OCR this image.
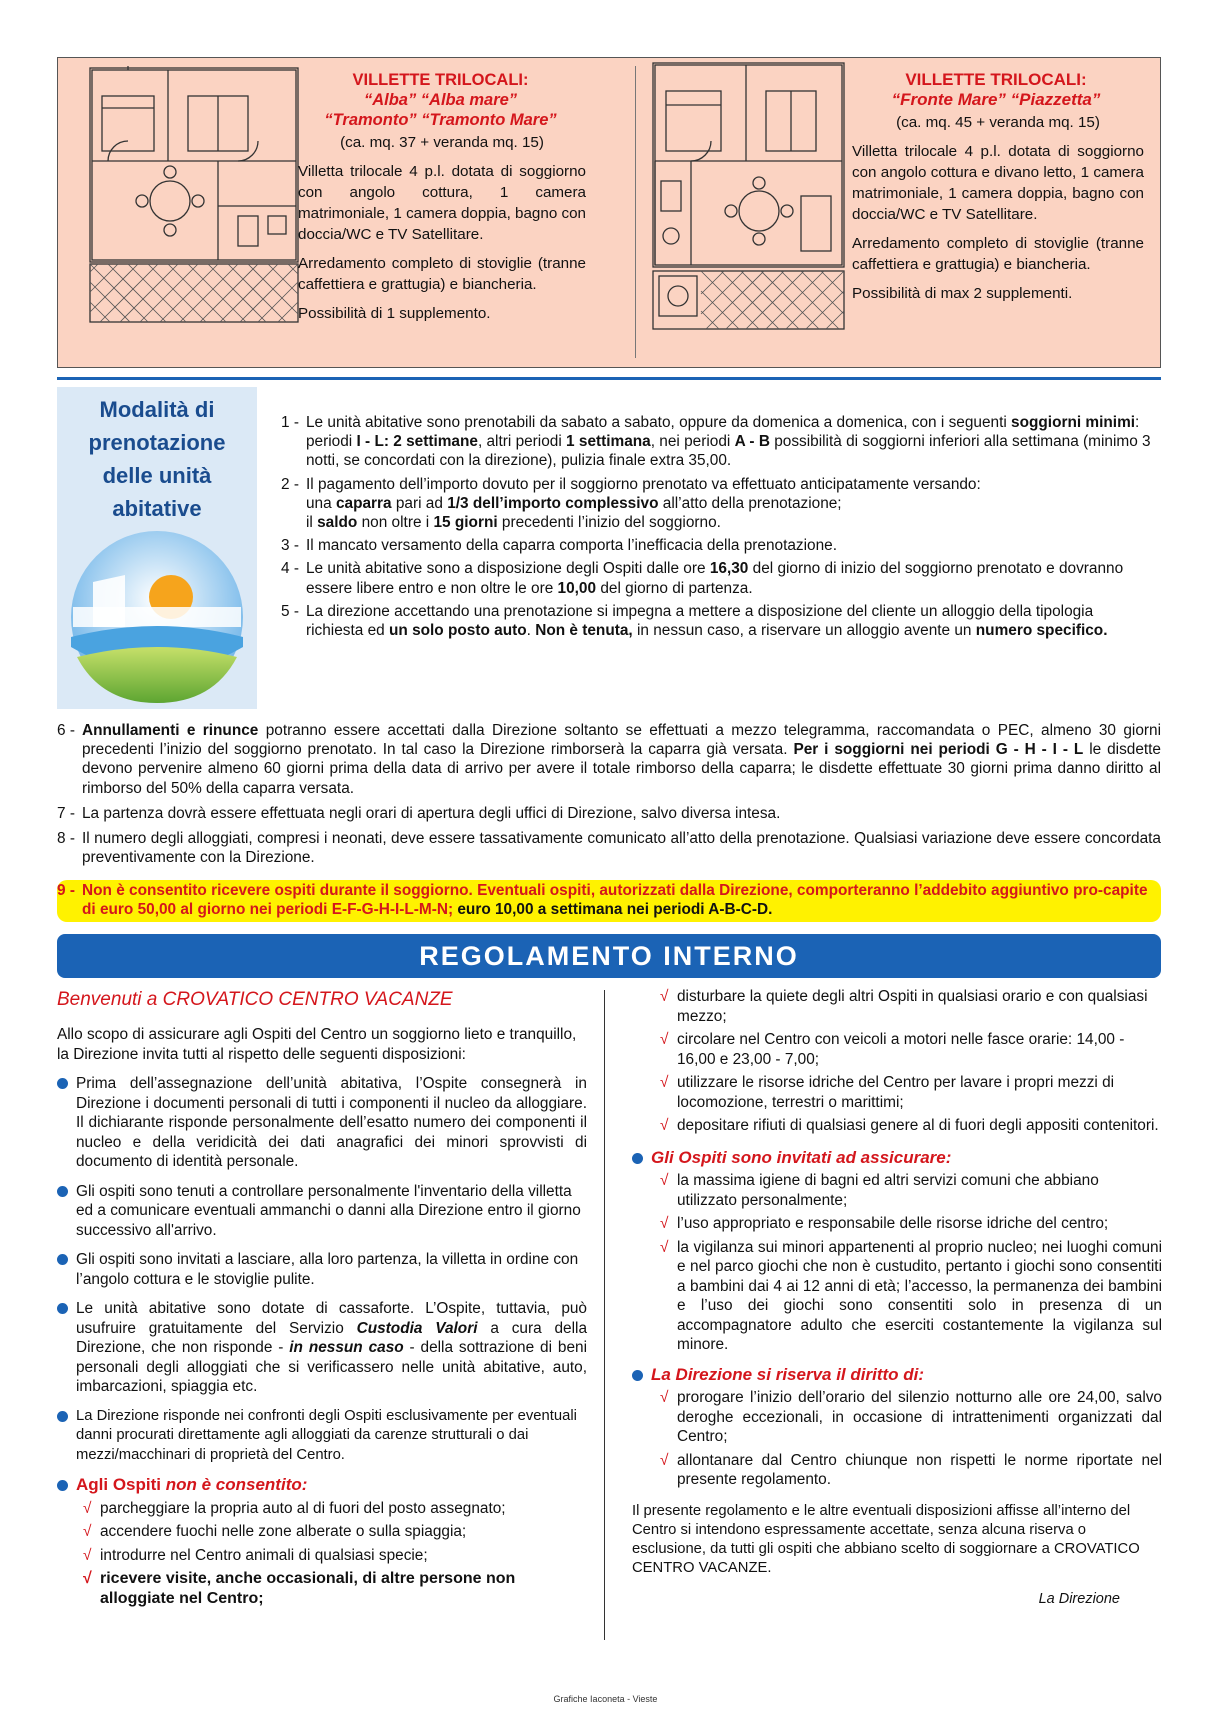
VILLETTE TRILOCALI:
“Alba” “Alba mare”
“Tramonto” “Tramonto Mare”
(ca. mq. 37 + veranda mq. 15)

Villetta trilocale 4 p.l. dotata di soggiorno con angolo cottura, 1 camera matrimoniale, 1 camera doppia, bagno con doccia/WC e TV Satellitare.

Arredamento completo di stoviglie (tranne caffettiera e grattugia) e biancheria.

Possibilità di 1 supplemento.

VILLETTE TRILOCALI:
“Fronte Mare” “Piazzetta”
(ca. mq. 45 + veranda mq. 15)

Villetta trilocale 4 p.l. dotata di soggiorno con angolo cottura e divano letto, 1 camera matrimoniale, 1 camera doppia, bagno con doccia/WC e TV Satellitare.

Arredamento completo di stoviglie (tranne caffettiera e grattugia) e biancheria.

Possibilità di max 2 supplementi.

Modalità di
prenotazione
delle unità
abitative
1 - Le unità abitative sono prenotabili da sabato a sabato, oppure da domenica a domenica, con i seguenti soggiorni minimi:
periodi I - L: 2 settimane, altri periodi 1 settimana, nei periodi A - B possibilità di soggiorni inferiori alla settimana (minimo 3 notti, se concordati con la direzione), pulizia finale extra 35,00.
2 - Il pagamento dell’importo dovuto per il soggiorno prenotato va effettuato anticipatamente versando:
una caparra pari ad 1/3 dell’importo complessivo all’atto della prenotazione;
il saldo non oltre i 15 giorni precedenti l’inizio del soggiorno.
3 - Il mancato versamento della caparra comporta l’inefficacia della prenotazione.
4 - Le unità abitative sono a disposizione degli Ospiti dalle ore 16,30 del giorno di inizio del soggiorno prenotato e dovranno essere libere entro e non oltre le ore 10,00 del giorno di partenza.
5 - La direzione accettando una prenotazione si impegna a mettere a disposizione del cliente un alloggio della tipologia richiesta ed un solo posto auto. Non è tenuta, in nessun caso, a riservare un alloggio avente un numero specifico.
6 - Annullamenti e rinunce potranno essere accettati dalla Direzione soltanto se effettuati a mezzo telegramma, raccomandata o PEC, almeno 30 giorni precedenti l’inizio del soggiorno prenotato. In tal caso la Direzione rimborserà la caparra già versata. Per i soggiorni nei periodi G - H - I - L le disdette devono pervenire almeno 60 giorni prima della data di arrivo per avere il totale rimborso della caparra; le disdette effettuate 30 giorni prima danno diritto al rimborso del 50% della caparra versata.
7 - La partenza dovrà essere effettuata negli orari di apertura degli uffici di Direzione, salvo diversa intesa.
8 - Il numero degli alloggiati, compresi i neonati, deve essere tassativamente comunicato all’atto della prenotazione. Qualsiasi variazione deve essere concordata preventivamente con la Direzione.
9 - Non è consentito ricevere ospiti durante il soggiorno. Eventuali ospiti, autorizzati dalla Direzione, comporteranno l’addebito aggiuntivo pro-capite di euro 50,00 al giorno nei periodi E-F-G-H-I-L-M-N; euro 10,00 a settimana nei periodi A-B-C-D.
REGOLAMENTO INTERNO
Benvenuti a CROVATICO CENTRO VACANZE

Allo scopo di assicurare agli Ospiti del Centro un soggiorno lieto e tranquillo, la Direzione invita tutti al rispetto delle seguenti disposizioni:

Prima dell’assegnazione dell’unità abitativa, l’Ospite consegnerà in Direzione i documenti personali di tutti i componenti il nucleo da alloggiare. Il dichiarante risponde personalmente dell’esatto numero dei componenti il nucleo e della veridicità dei dati anagrafici dei minori sprovvisti di documento di identità personale.
Gli ospiti sono tenuti a controllare personalmente l'inventario della villetta ed a comunicare eventuali ammanchi o danni alla Direzione entro il giorno successivo all'arrivo.
Gli ospiti sono invitati a lasciare, alla loro partenza, la villetta in ordine con l’angolo cottura e le stoviglie pulite.
Le unità abitative sono dotate di cassaforte. L’Ospite, tuttavia, può usufruire gratuitamente del Servizio Custodia Valori a cura della Direzione, che non risponde - in nessun caso - della sottrazione di beni personali degli alloggiati che si verificassero nelle unità abitative, auto, imbarcazioni, spiaggia etc.
La Direzione risponde nei confronti degli Ospiti esclusivamente per eventuali danni procurati direttamente agli alloggiati da carenze strutturali o dai mezzi/macchinari di proprietà del Centro.
Agli Ospiti non è consentito:
√ parcheggiare la propria auto al di fuori del posto assegnato;
√ accendere fuochi nelle zone alberate o sulla spiaggia;
√ introdurre nel Centro animali di qualsiasi specie;
√ ricevere visite, anche occasionali, di altre persone non alloggiate nel Centro;
√ disturbare la quiete degli altri Ospiti in qualsiasi orario e con qualsiasi mezzo;
√ circolare nel Centro con veicoli a motori nelle fasce orarie: 14,00 - 16,00 e 23,00 - 7,00;
√ utilizzare le risorse idriche del Centro per lavare i propri mezzi di locomozione, terrestri o marittimi;
√ depositare rifiuti di qualsiasi genere al di fuori degli appositi contenitori.
Gli Ospiti sono invitati ad assicurare:
√ la massima igiene di bagni ed altri servizi comuni che abbiano utilizzato personalmente;
√ l’uso appropriato e responsabile delle risorse idriche del centro;
√ la vigilanza sui minori appartenenti al proprio nucleo; nei luoghi comuni e nel parco giochi che non è custudito, pertanto i giochi sono consentiti a bambini dai 4 ai 12 anni di età; l’accesso, la permanenza dei bambini e l’uso dei giochi sono consentiti solo in presenza di un accompagnatore adulto che eserciti costantemente la vigilanza sul minore.
La Direzione si riserva il diritto di:
√ prorogare l’inizio dell’orario del silenzio notturno alle ore 24,00, salvo deroghe eccezionali, in occasione di intrattenimenti organizzati dal Centro;
√ allontanare dal Centro chiunque non rispetti le norme riportate nel presente regolamento.

Il presente regolamento e le altre eventuali disposizioni affisse all’interno del Centro si intendono espressamente accettate, senza alcuna riserva o esclusione, da tutti gli ospiti che abbiano scelto di soggiornare a CROVATICO CENTRO VACANZE.

La Direzione
Grafiche Iaconeta - Vieste
